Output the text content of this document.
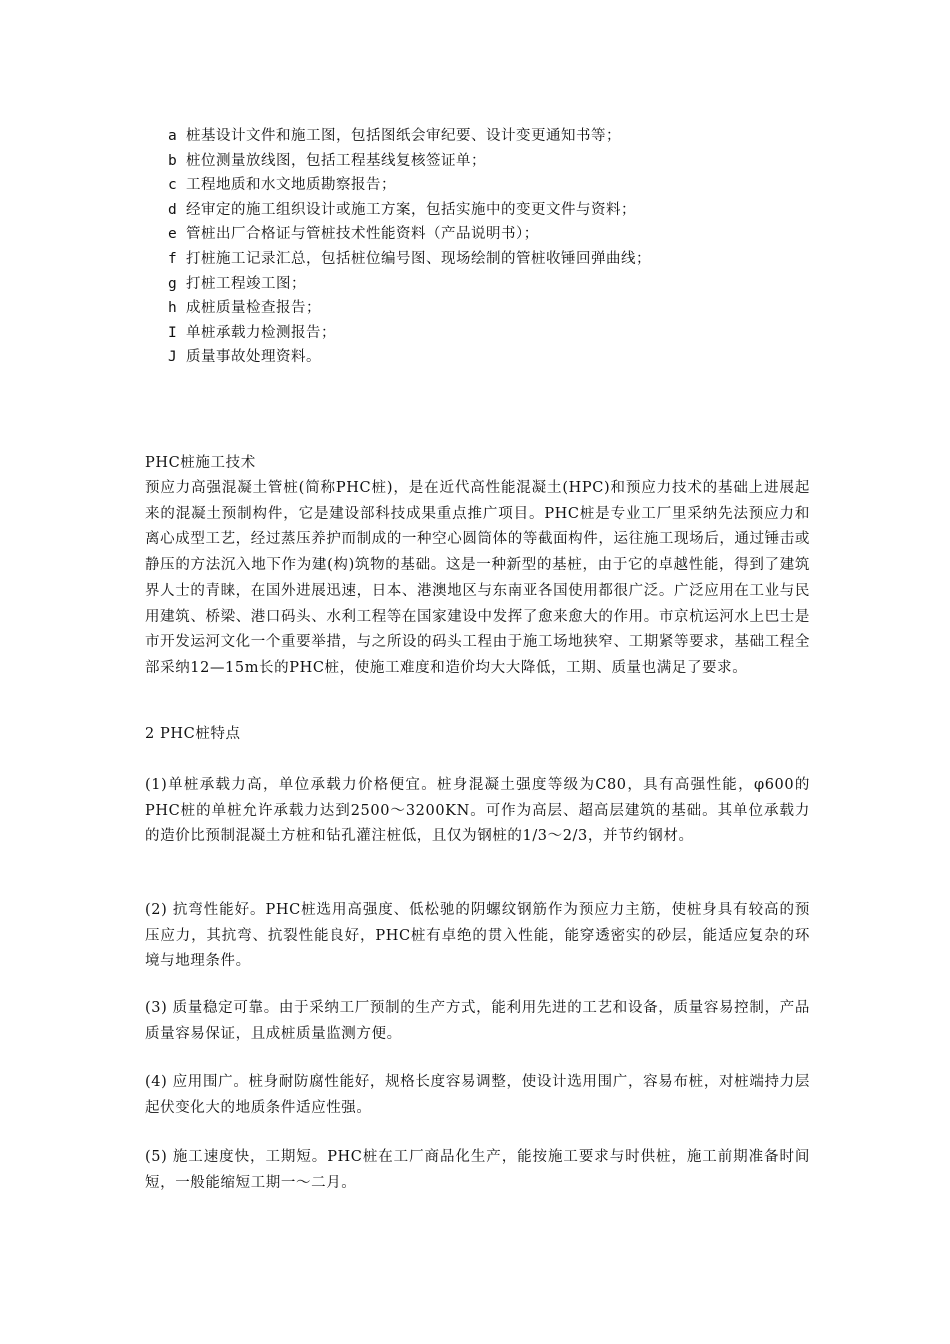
a 桩基设计文件和施工图，包括图纸会审纪要、设计变更通知书等；
b 桩位测量放线图，包括工程基线复核签证单；
c 工程地质和水文地质勘察报告；
d 经审定的施工组织设计或施工方案，包括实施中的变更文件与资料；
e 管桩出厂合格证与管桩技术性能资料（产品说明书）；
f 打桩施工记录汇总，包括桩位编号图、现场绘制的管桩收锤回弹曲线；
g 打桩工程竣工图；
h 成桩质量检查报告；
I 单桩承载力检测报告；
J 质量事故处理资料。

PHC桩施工技术

预应力高强混凝土管桩(简称PHC桩)，是在近代高性能混凝土(HPC)和预应力技术的基础上进展起来的混凝土预制构件，它是建设部科技成果重点推广项目。PHC桩是专业工厂里采纳先法预应力和离心成型工艺，经过蒸压养护而制成的一种空心圆筒体的等截面构件，运往施工现场后，通过锤击或静压的方法沉入地下作为建(构)筑物的基础。这是一种新型的基桩，由于它的卓越性能，得到了建筑界人士的青睐，在国外进展迅速，日本、港澳地区与东南亚各国使用都很广泛。广泛应用在工业与民用建筑、桥梁、港口码头、水利工程等在国家建设中发挥了愈来愈大的作用。市京杭运河水上巴士是市开发运河文化一个重要举措，与之所设的码头工程由于施工场地狭窄、工期紧等要求，基础工程全部采纳12—15m长的PHC桩，使施工难度和造价均大大降低，工期、质量也满足了要求。

2 PHC桩特点

(1)单桩承载力高，单位承载力价格便宜。桩身混凝土强度等级为C80，具有高强性能，φ600的PHC桩的单桩允许承载力达到2500～3200KN。可作为高层、超高层建筑的基础。其单位承载力的造价比预制混凝土方桩和钻孔灌注桩低，且仅为钢桩的1/3～2/3，并节约钢材。

(2) 抗弯性能好。PHC桩选用高强度、低松驰的阴螺纹钢筋作为预应力主筋，使桩身具有较高的预压应力，其抗弯、抗裂性能良好，PHC桩有卓绝的贯入性能，能穿透密实的砂层，能适应复杂的环境与地理条件。

(3) 质量稳定可靠。由于采纳工厂预制的生产方式，能利用先进的工艺和设备，质量容易控制，产品质量容易保证，且成桩质量监测方便。

(4) 应用围广。桩身耐防腐性能好，规格长度容易调整，使设计选用围广，容易布桩，对桩端持力层起伏变化大的地质条件适应性强。

(5) 施工速度快，工期短。PHC桩在工厂商品化生产，能按施工要求与时供桩，施工前期准备时间短，一般能缩短工期一～二月。
